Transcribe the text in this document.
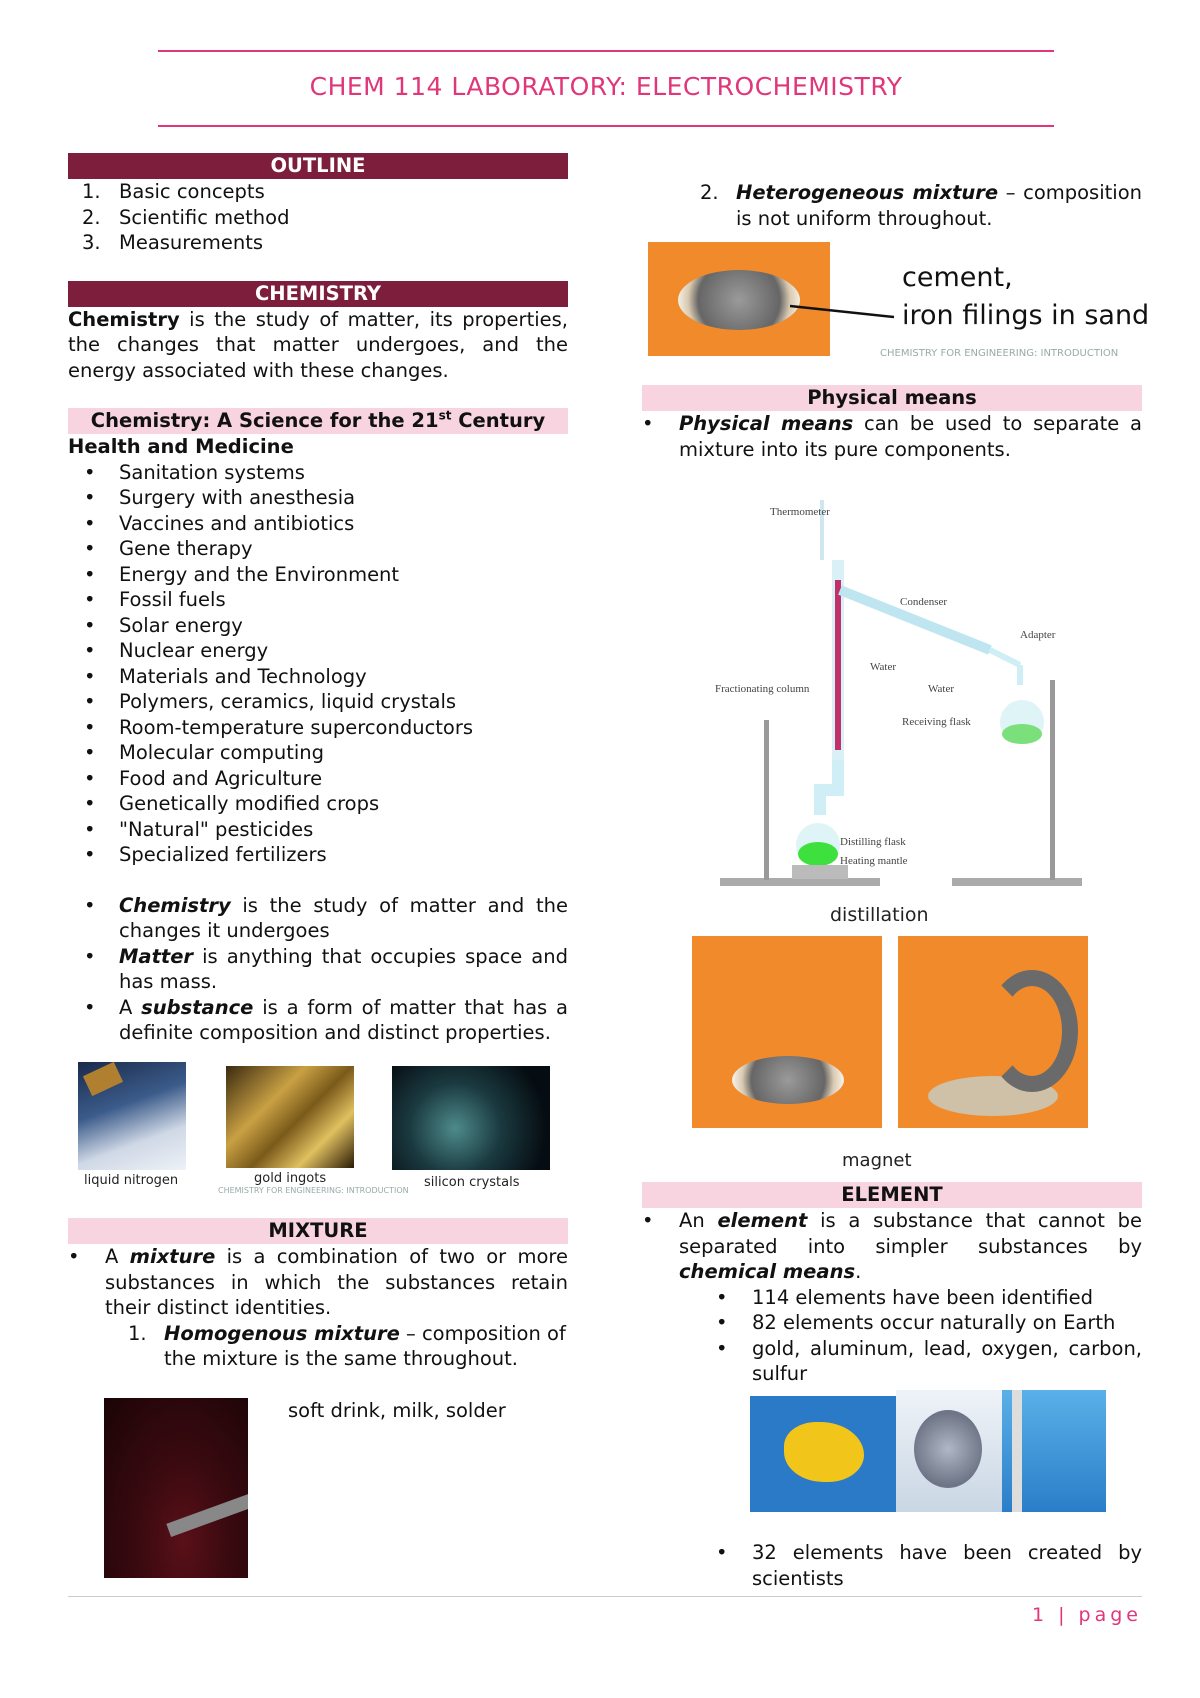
CHEM 114 LABORATORY: ELECTROCHEMISTRY
OUTLINE
1. Basic concepts
2. Scientific method
3. Measurements
CHEMISTRY

Chemistry is the study of matter, its properties, the changes that matter undergoes, and the energy associated with these changes.

Chemistry: A Science for the 21st Century

Health and Medicine

• Sanitation systems
• Surgery with anesthesia
• Vaccines and antibiotics
• Gene therapy
• Energy and the Environment
• Fossil fuels
• Solar energy
• Nuclear energy
• Materials and Technology
• Polymers, ceramics, liquid crystals
• Room-temperature superconductors
• Molecular computing
• Food and Agriculture
• Genetically modified crops
• "Natural" pesticides
• Specialized fertilizers
• Chemistry is the study of matter and the changes it undergoes
• Matter is anything that occupies space and has mass.
• A substance is a form of matter that has a definite composition and distinct properties.
liquid nitrogen	gold ingots	silicon crystals
CHEMISTRY FOR ENGINEERING: INTRODUCTION
MIXTURE
• A mixture is a combination of two or more substances in which the substances retain their distinct identities.
1. Homogenous mixture – composition of the mixture is the same throughout.

soft drink, milk, solder

2. Heterogeneous mixture – composition is not uniform throughout.
cement,
iron filings in sand
CHEMISTRY FOR ENGINEERING: INTRODUCTION
Physical means
• Physical means can be used to separate a mixture into its pure components.
Thermometer
Condenser
Adapter
Water
Water
Fractionating column
Receiving flask
Distilling flask
Heating mantle
distillation
magnet
ELEMENT
• An element is a substance that cannot be separated into simpler substances by chemical means.
• 114 elements have been identified
• 82 elements occur naturally on Earth
• gold, aluminum, lead, oxygen, carbon, sulfur
• 32 elements have been created by scientists
1 | page
